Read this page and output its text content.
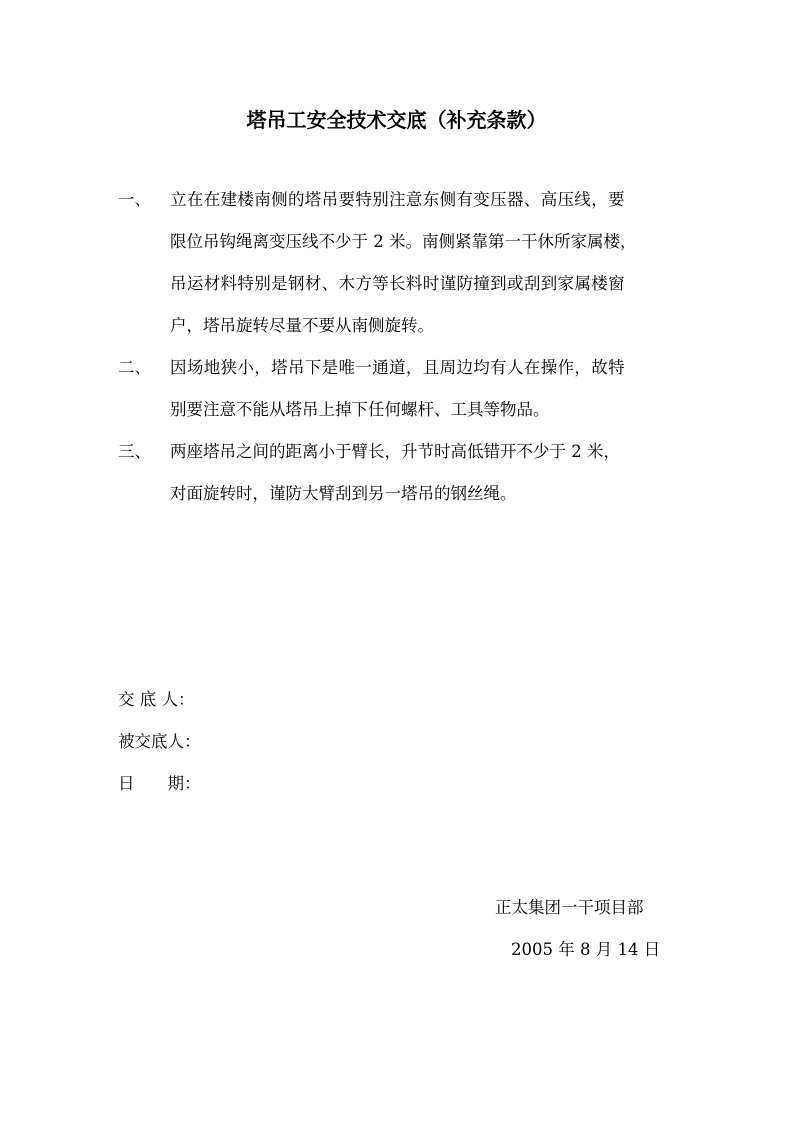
塔吊工安全技术交底（补充条款）
一、 立在在建楼南侧的塔吊要特别注意东侧有变压器、高压线，要
限位吊钩绳离变压线不少于 2 米。南侧紧靠第一干休所家属楼，
吊运材料特别是钢材、木方等长料时谨防撞到或刮到家属楼窗
户，塔吊旋转尽量不要从南侧旋转。
二、 因场地狭小，塔吊下是唯一通道，且周边均有人在操作，故特
别要注意不能从塔吊上掉下任何螺杆、工具等物品。
三、 两座塔吊之间的距离小于臂长，升节时高低错开不少于 2 米，
对面旋转时，谨防大臂刮到另一塔吊的钢丝绳。
交 底 人：
被交底人：
日　　期：
正太集团一干项目部
2005 年 8 月 14 日
